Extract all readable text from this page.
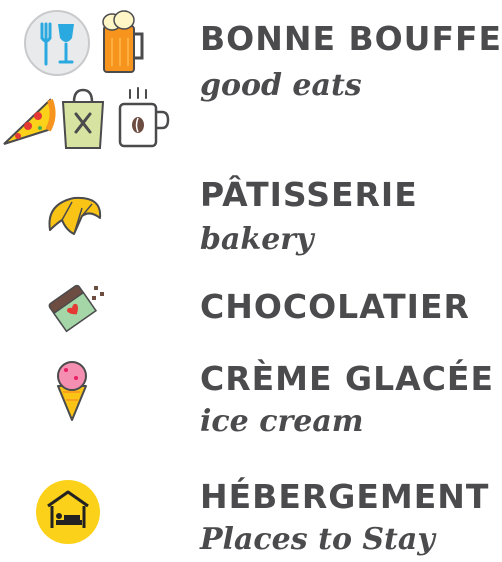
BONNE BOUFFE
good eats
PÂTISSERIE
bakery
CHOCOLATIER
CRÈME GLACÉE
ice cream
HÉBERGEMENT
Places to Stay
